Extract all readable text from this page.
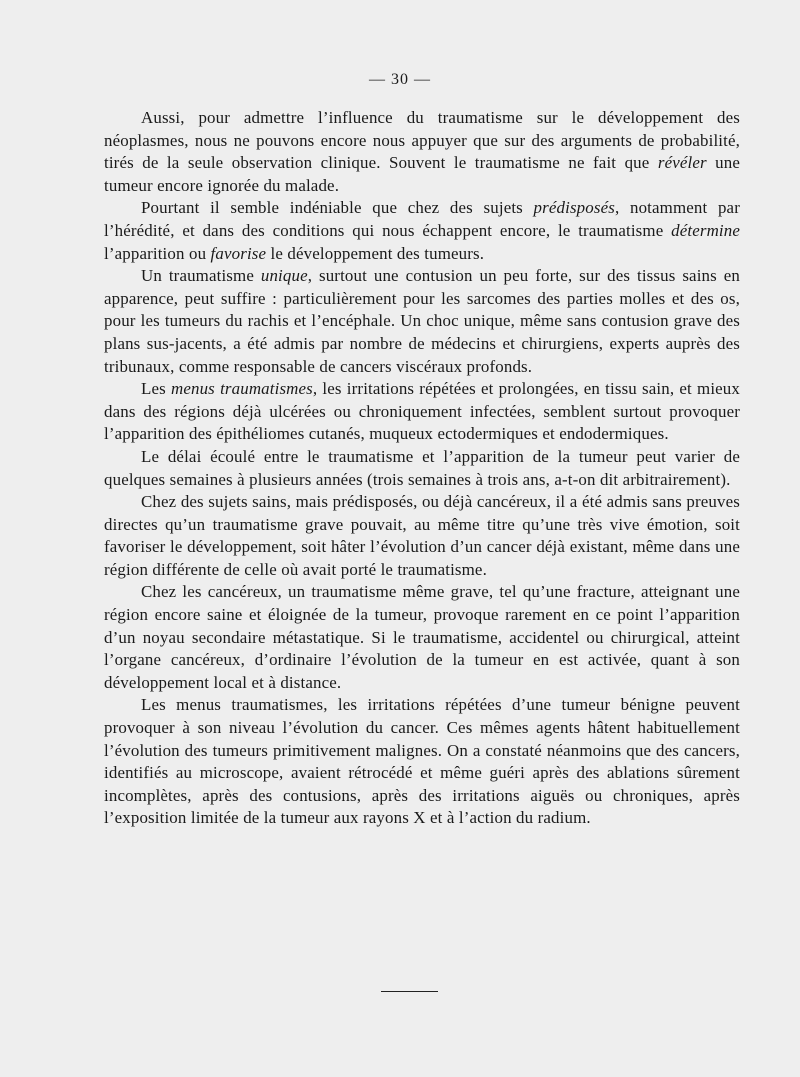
— 30 —

Aussi, pour admettre l’influence du traumatisme sur le développement des néoplasmes, nous ne pouvons encore nous appuyer que sur des arguments de probabilité, tirés de la seule observation clinique. Souvent le traumatisme ne fait que révéler une tumeur encore ignorée du malade.

Pourtant il semble indéniable que chez des sujets prédisposés, notamment par l’hérédité, et dans des conditions qui nous échappent encore, le traumatisme détermine l’apparition ou favorise le développement des tumeurs.

Un traumatisme unique, surtout une contusion un peu forte, sur des tissus sains en apparence, peut suffire : particulièrement pour les sarcomes des parties molles et des os, pour les tumeurs du rachis et l’encéphale. Un choc unique, même sans contusion grave des plans sus-jacents, a été admis par nombre de médecins et chirurgiens, experts auprès des tribunaux, comme responsable de cancers viscéraux profonds.

Les menus traumatismes, les irritations répétées et prolongées, en tissu sain, et mieux dans des régions déjà ulcérées ou chroniquement infectées, semblent surtout provoquer l’apparition des épithéliomes cutanés, muqueux ectodermiques et endodermiques.

Le délai écoulé entre le traumatisme et l’apparition de la tumeur peut varier de quelques semaines à plusieurs années (trois semaines à trois ans, a-t-on dit arbitrairement).

Chez des sujets sains, mais prédisposés, ou déjà cancéreux, il a été admis sans preuves directes qu’un traumatisme grave pouvait, au même titre qu’une très vive émotion, soit favoriser le développement, soit hâter l’évolution d’un cancer déjà existant, même dans une région différente de celle où avait porté le traumatisme.

Chez les cancéreux, un traumatisme même grave, tel qu’une fracture, atteignant une région encore saine et éloignée de la tumeur, provoque rarement en ce point l’apparition d’un noyau secondaire métastatique. Si le traumatisme, accidentel ou chirurgical, atteint l’organe cancéreux, d’ordinaire l’évolution de la tumeur en est activée, quant à son développement local et à distance.

Les menus traumatismes, les irritations répétées d’une tumeur bénigne peuvent provoquer à son niveau l’évolution du cancer. Ces mêmes agents hâtent habituellement l’évolution des tumeurs primitivement malignes. On a constaté néanmoins que des cancers, identifiés au microscope, avaient rétrocédé et même guéri après des ablations sûrement incomplètes, après des contusions, après des irritations aiguës ou chroniques, après l’exposition limitée de la tumeur aux rayons X et à l’action du radium.
